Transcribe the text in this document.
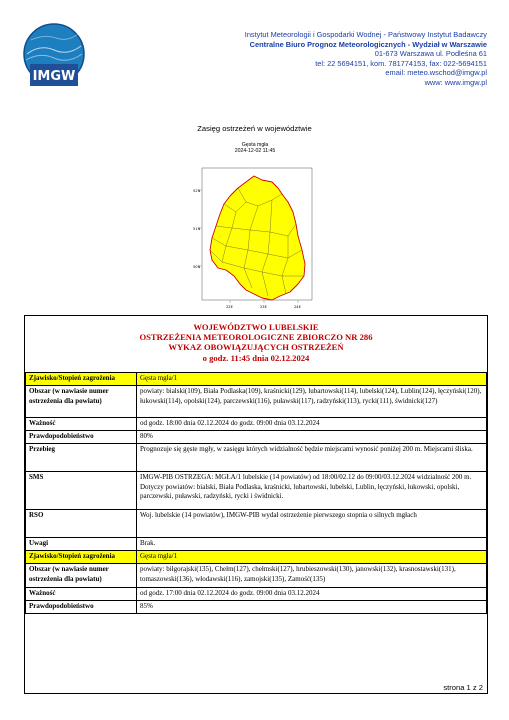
IMGW
Instytut Meteorologii i Gospodarki Wodnej - Państwowy Instytut Badawczy
Centralne Biuro Prognoz Meteorologicznych - Wydział w Warszawie
01-673 Warszawa ul. Podleśna 61
tel: 22 5694151, kom. 781774153, fax: 022-5694151
email: meteo.wschod@imgw.pl
www: www.imgw.pl
Zasięg ostrzeżeń w województwie
Gęsta mgła
2024-12-02 11:45
52N
51N
50N
22E	23E	24E
WOJEWÓDZTWO LUBELSKIE
OSTRZEŻENIA METEOROLOGICZNE ZBIORCZO NR 286
WYKAZ OBOWIĄZUJĄCYCH OSTRZEŻEŃ
o godz. 11:45 dnia 02.12.2024
Zjawisko/Stopień zagrożenia	Gęsta mgła/1
Obszar (w nawiasie numer ostrzeżenia dla powiatu)	powiaty: bialski(109), Biała Podlaska(109), kraśnicki(129), lubartowski(114), lubelski(124), Lublin(124), łęczyński(120), łukowski(114), opolski(124), parczewski(116), puławski(117), radzyński(113), rycki(111), świdnicki(127)
Ważność	od godz. 18:00 dnia 02.12.2024 do godz. 09:00 dnia 03.12.2024
Prawdopodobieństwo	80%
Przebieg	Prognozuje się gęste mgły, w zasięgu których widzialność będzie miejscami wynosić poniżej 200 m. Miejscami śliska.
SMS	IMGW-PIB OSTRZEGA: MGŁA/1 lubelskie (14 powiatów) od 18:00/02.12 do 09:00/03.12.2024 widzialność 200 m. Dotyczy powiatów: bialski, Biała Podlaska, kraśnicki, lubartowski, lubelski, Lublin, łęczyński, łukowski, opolski, parczewski, puławski, radzyński, rycki i świdnicki.
RSO	Woj. lubelskie (14 powiatów), IMGW-PIB wydał ostrzeżenie pierwszego stopnia o silnych mgłach
Uwagi	Brak.
Zjawisko/Stopień zagrożenia	Gęsta mgła/1
Obszar (w nawiasie numer ostrzeżenia dla powiatu)	powiaty: biłgorajski(135), Chełm(127), chełmski(127), hrubieszowski(130), janowski(132), krasnostawski(131), tomaszowski(136), włodawski(116), zamojski(135), Zamość(135)
Ważność	od godz. 17:00 dnia 02.12.2024 do godz. 09:00 dnia 03.12.2024
Prawdopodobieństwo	85%
strona 1 z 2
